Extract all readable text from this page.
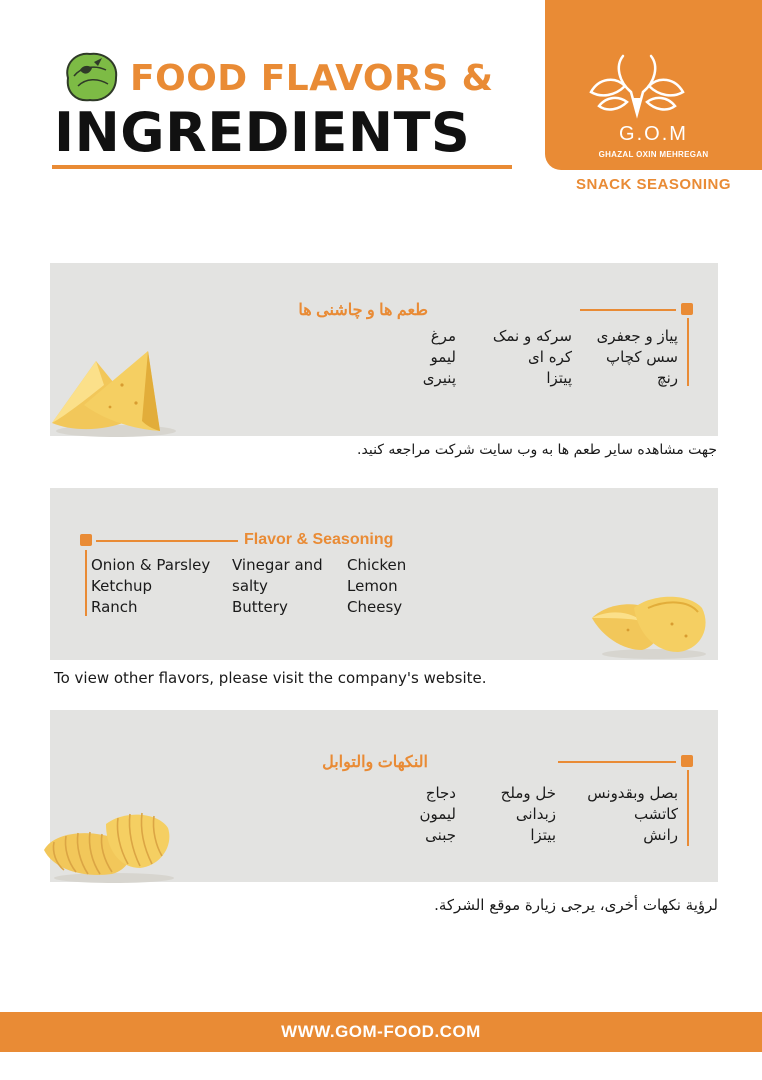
FOOD FLAVORS &
INGREDIENTS	G.O.M
GHAZAL OXIN MEHREGAN
SNACK SEASONING
طعم ها و چاشنی ها
پیاز و جعفری
سس کچاپ
رنچ
سرکه و نمک
کره ای
پیتزا
مرغ
لیمو
پنیری
جهت مشاهده سایر طعم ها به وب سایت شرکت مراجعه کنید.
Flavor & Seasoning
Onion & Parsley
Ketchup
Ranch
Vinegar and
salty
Buttery
Chicken
Lemon
Cheesy
To view other flavors, please visit the company's website.
النكهات والتوابل
بصل وبقدونس
كاتشب
رانش
خل وملح
زبدانی
بيتزا
دجاج
ليمون
جبنی
لرؤية نكهات أخرى، يرجى زيارة موقع الشركة.
WWW.GOM-FOOD.COM
